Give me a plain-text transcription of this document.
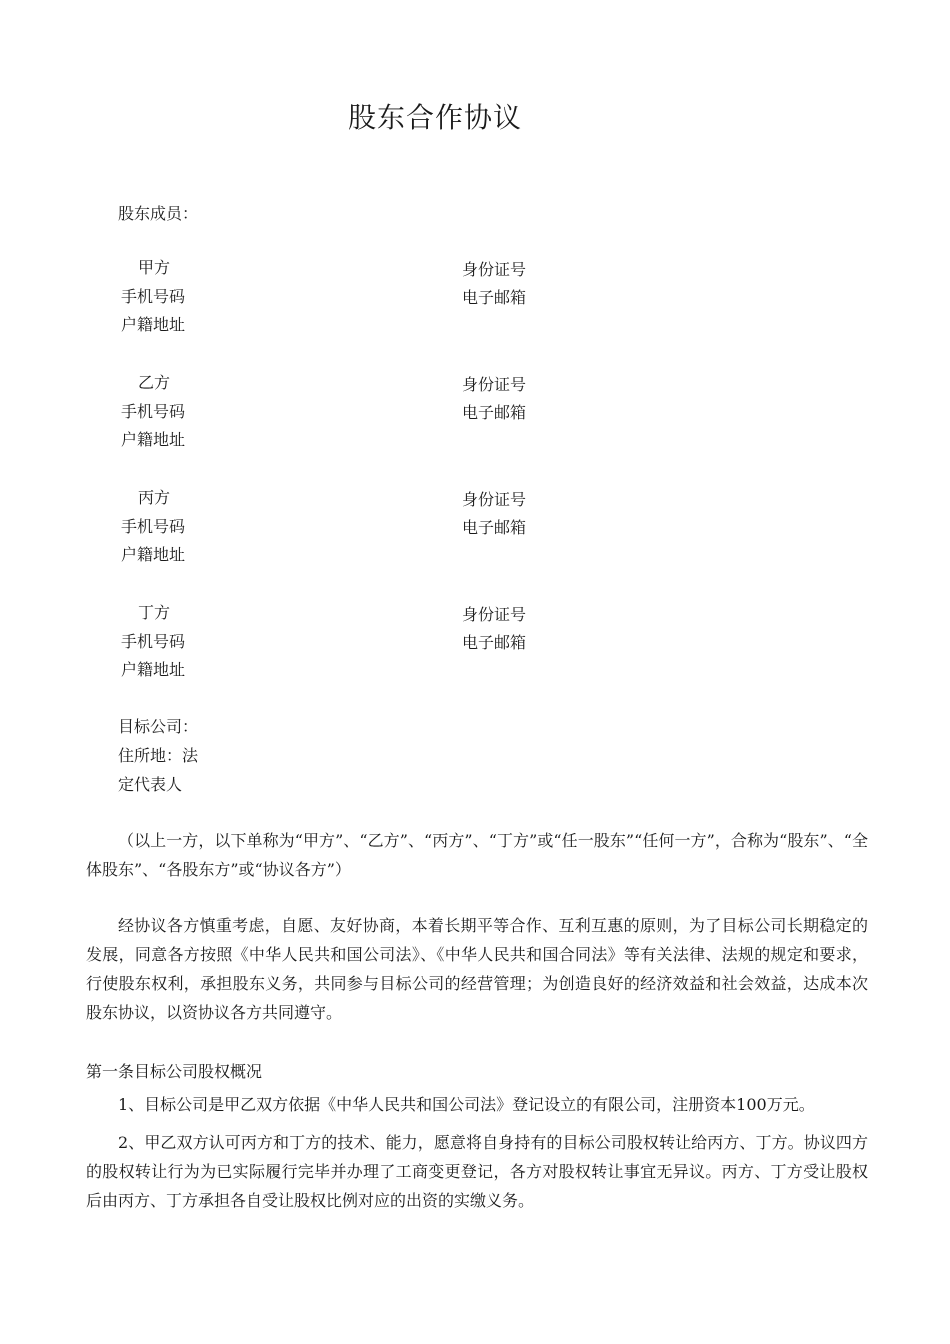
股东合作协议
股东成员：
甲方	身份证号
手机号码	电子邮箱
户籍地址
乙方	身份证号
手机号码	电子邮箱
户籍地址
丙方	身份证号
手机号码	电子邮箱
户籍地址
丁方	身份证号
手机号码	电子邮箱
户籍地址
目标公司：
住所地：法
定代表人
（以上一方，以下单称为“甲方”、“乙方”、“丙方”、“丁方”或“任一股东”“任何一方”，合称为“股东”、“全体股东”、“各股东方”或“协议各方”）
经协议各方慎重考虑，自愿、友好协商，本着长期平等合作、互利互惠的原则，为了目标公司长期稳定的发展，同意各方按照《中华人民共和国公司法》、《中华人民共和国合同法》等有关法律、法规的规定和要求，行使股东权利，承担股东义务，共同参与目标公司的经营管理；为创造良好的经济效益和社会效益，达成本次股东协议，以资协议各方共同遵守。
第一条目标公司股权概况
1、目标公司是甲乙双方依据《中华人民共和国公司法》登记设立的有限公司，注册资本100万元。
2、甲乙双方认可丙方和丁方的技术、能力，愿意将自身持有的目标公司股权转让给丙方、丁方。协议四方的股权转让行为为已实际履行完毕并办理了工商变更登记，各方对股权转让事宜无异议。丙方、丁方受让股权后由丙方、丁方承担各自受让股权比例对应的出资的实缴义务。
